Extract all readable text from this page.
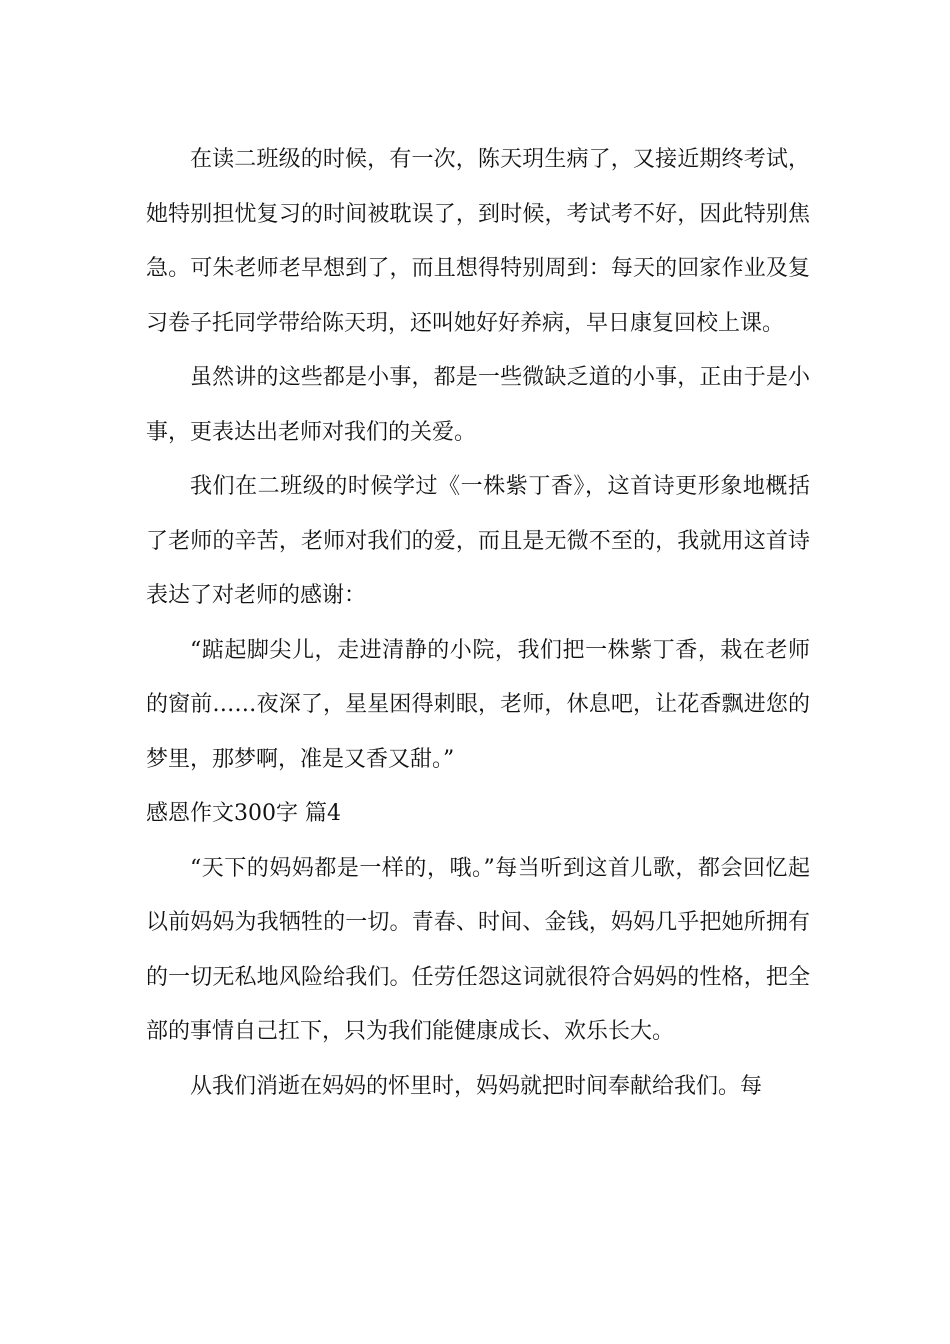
在读二班级的时候，有一次，陈天玥生病了，又接近期终考试，她特别担忧复习的时间被耽误了，到时候，考试考不好，因此特别焦急。可朱老师老早想到了，而且想得特别周到：每天的回家作业及复习卷子托同学带给陈天玥，还叫她好好养病，早日康复回校上课。

虽然讲的这些都是小事，都是一些微缺乏道的小事，正由于是小事，更表达出老师对我们的关爱。

我们在二班级的时候学过《一株紫丁香》，这首诗更形象地概括了老师的辛苦，老师对我们的爱，而且是无微不至的，我就用这首诗表达了对老师的感谢：

“踮起脚尖儿，走进清静的小院，我们把一株紫丁香，栽在老师的窗前……夜深了，星星困得刺眼，老师，休息吧，让花香飘进您的梦里，那梦啊，准是又香又甜。”

感恩作文300字 篇4

“天下的妈妈都是一样的，哦。”每当听到这首儿歌，都会回忆起以前妈妈为我牺牲的一切。青春、时间、金钱，妈妈几乎把她所拥有的一切无私地风险给我们。任劳任怨这词就很符合妈妈的性格，把全部的事情自己扛下，只为我们能健康成长、欢乐长大。

从我们消逝在妈妈的怀里时，妈妈就把时间奉献给我们。每
